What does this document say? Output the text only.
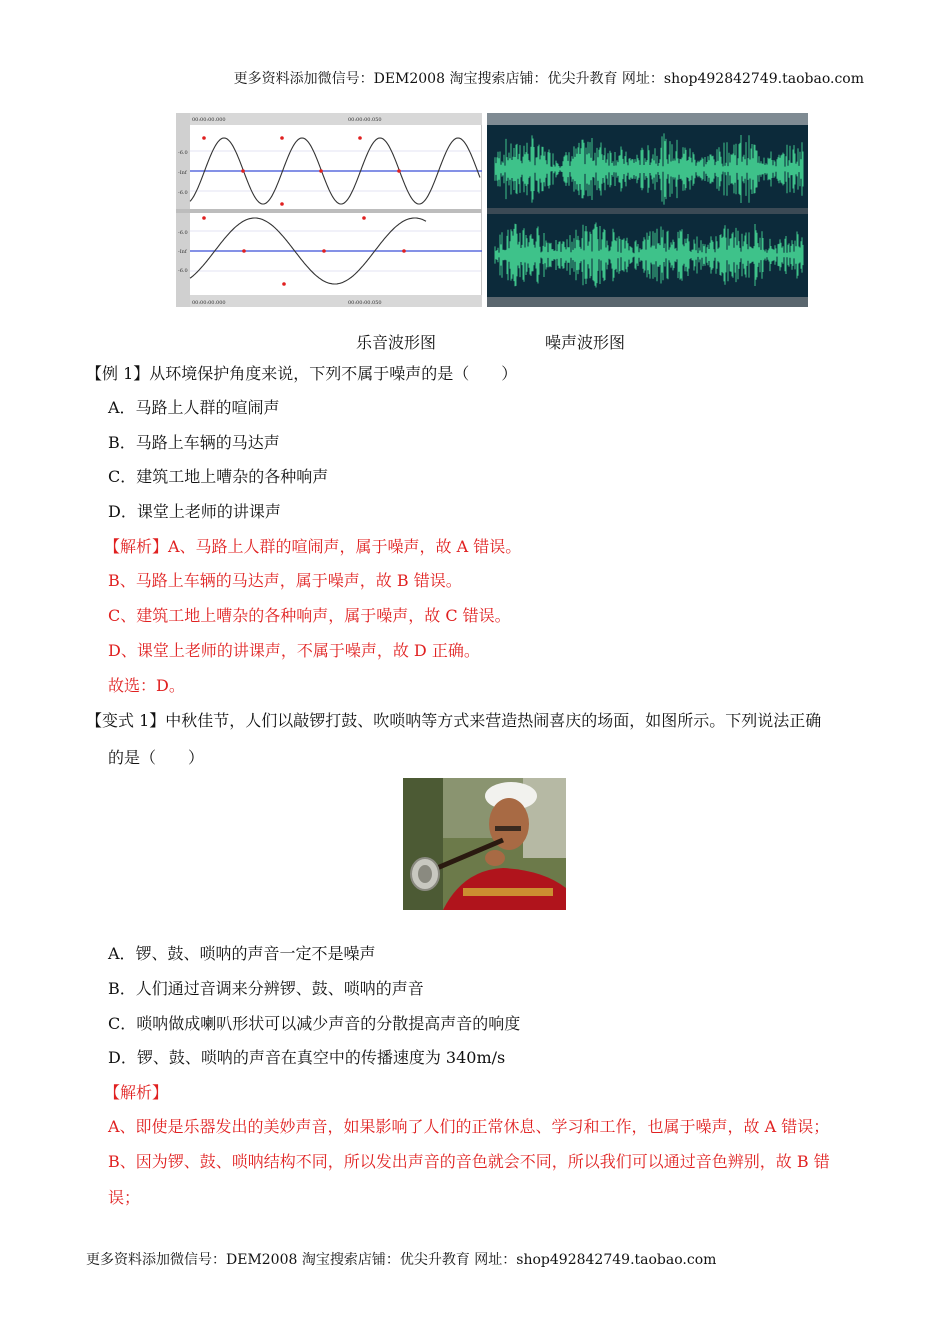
更多资料添加微信号：DEM2008 淘宝搜索店铺：优尖升教育 网址：shop492842749.taobao.com
00:00:00.000	00:00:00.050
00:00:00.000	00:00:00.050
-6.0
-Inf
-6.0
-6.0
-Inf
-6.0
乐音波形图	噪声波形图
【例 1】从环境保护角度来说，下列不属于噪声的是（　　）
A．马路上人群的喧闹声
B．马路上车辆的马达声
C．建筑工地上嘈杂的各种响声
D．课堂上老师的讲课声
【解析】A、马路上人群的喧闹声，属于噪声，故 A 错误。
B、马路上车辆的马达声，属于噪声，故 B 错误。
C、建筑工地上嘈杂的各种响声，属于噪声，故 C 错误。
D、课堂上老师的讲课声，不属于噪声，故 D 正确。
故选：D。
【变式 1】中秋佳节，人们以敲锣打鼓、吹唢呐等方式来营造热闹喜庆的场面，如图所示。下列说法正确
的是（　　）
A．锣、鼓、唢呐的声音一定不是噪声
B．人们通过音调来分辨锣、鼓、唢呐的声音
C．唢呐做成喇叭形状可以减少声音的分散提高声音的响度
D．锣、鼓、唢呐的声音在真空中的传播速度为 340m/s
【解析】
A、即使是乐器发出的美妙声音，如果影响了人们的正常休息、学习和工作，也属于噪声，故 A 错误；
B、因为锣、鼓、唢呐结构不同，所以发出声音的音色就会不同，所以我们可以通过音色辨别，故 B 错
误；
更多资料添加微信号：DEM2008 淘宝搜索店铺：优尖升教育 网址：shop492842749.taobao.com
